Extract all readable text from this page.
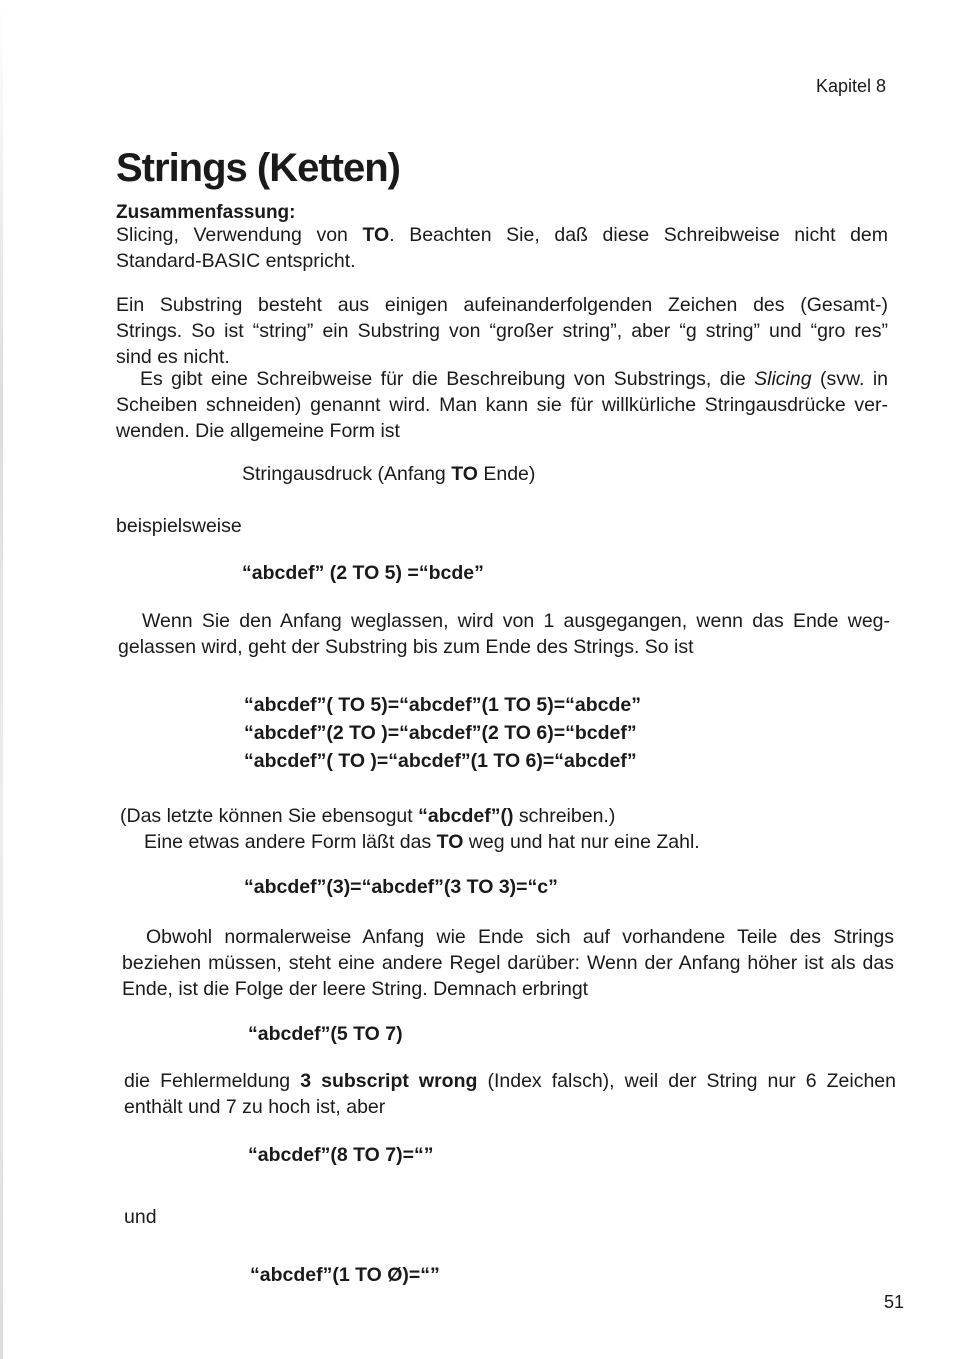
Kapitel 8
Strings (Ketten)
Zusammenfassung:

Slicing, Verwendung von TO. Beachten Sie, daß diese Schreibweise nicht dem

Standard-BASIC entspricht.

Ein Substring besteht aus einigen aufeinanderfolgenden Zeichen des (Gesamt-)

Strings. So ist “string” ein Substring von “großer string”, aber “g string” und “gro res”

sind es nicht.

Es gibt eine Schreibweise für die Beschreibung von Substrings, die Slicing (svw. in

Scheiben schneiden) genannt wird. Man kann sie für willkürliche Stringausdrücke ver-

wenden. Die allgemeine Form ist

Stringausdruck (Anfang TO Ende)
beispielsweise
“abcdef” (2 TO 5) =“bcde”

Wenn Sie den Anfang weglassen, wird von 1 ausgegangen, wenn das Ende weg-

gelassen wird, geht der Substring bis zum Ende des Strings. So ist

“abcdef”( TO 5)=“abcdef”(1 TO 5)=“abcde”
“abcdef”(2 TO )=“abcdef”(2 TO 6)=“bcdef”
“abcdef”( TO )=“abcdef”(1 TO 6)=“abcdef”

(Das letzte können Sie ebensogut “abcdef”() schreiben.)

Eine etwas andere Form läßt das TO weg und hat nur eine Zahl.

“abcdef”(3)=“abcdef”(3 TO 3)=“c”

Obwohl normalerweise Anfang wie Ende sich auf vorhandene Teile des Strings

beziehen müssen, steht eine andere Regel darüber: Wenn der Anfang höher ist als das

Ende, ist die Folge der leere String. Demnach erbringt

“abcdef”(5 TO 7)

die Fehlermeldung 3 subscript wrong (Index falsch), weil der String nur 6 Zeichen

enthält und 7 zu hoch ist, aber

“abcdef”(8 TO 7)=“”
und
“abcdef”(1 TO Ø)=“”
51
